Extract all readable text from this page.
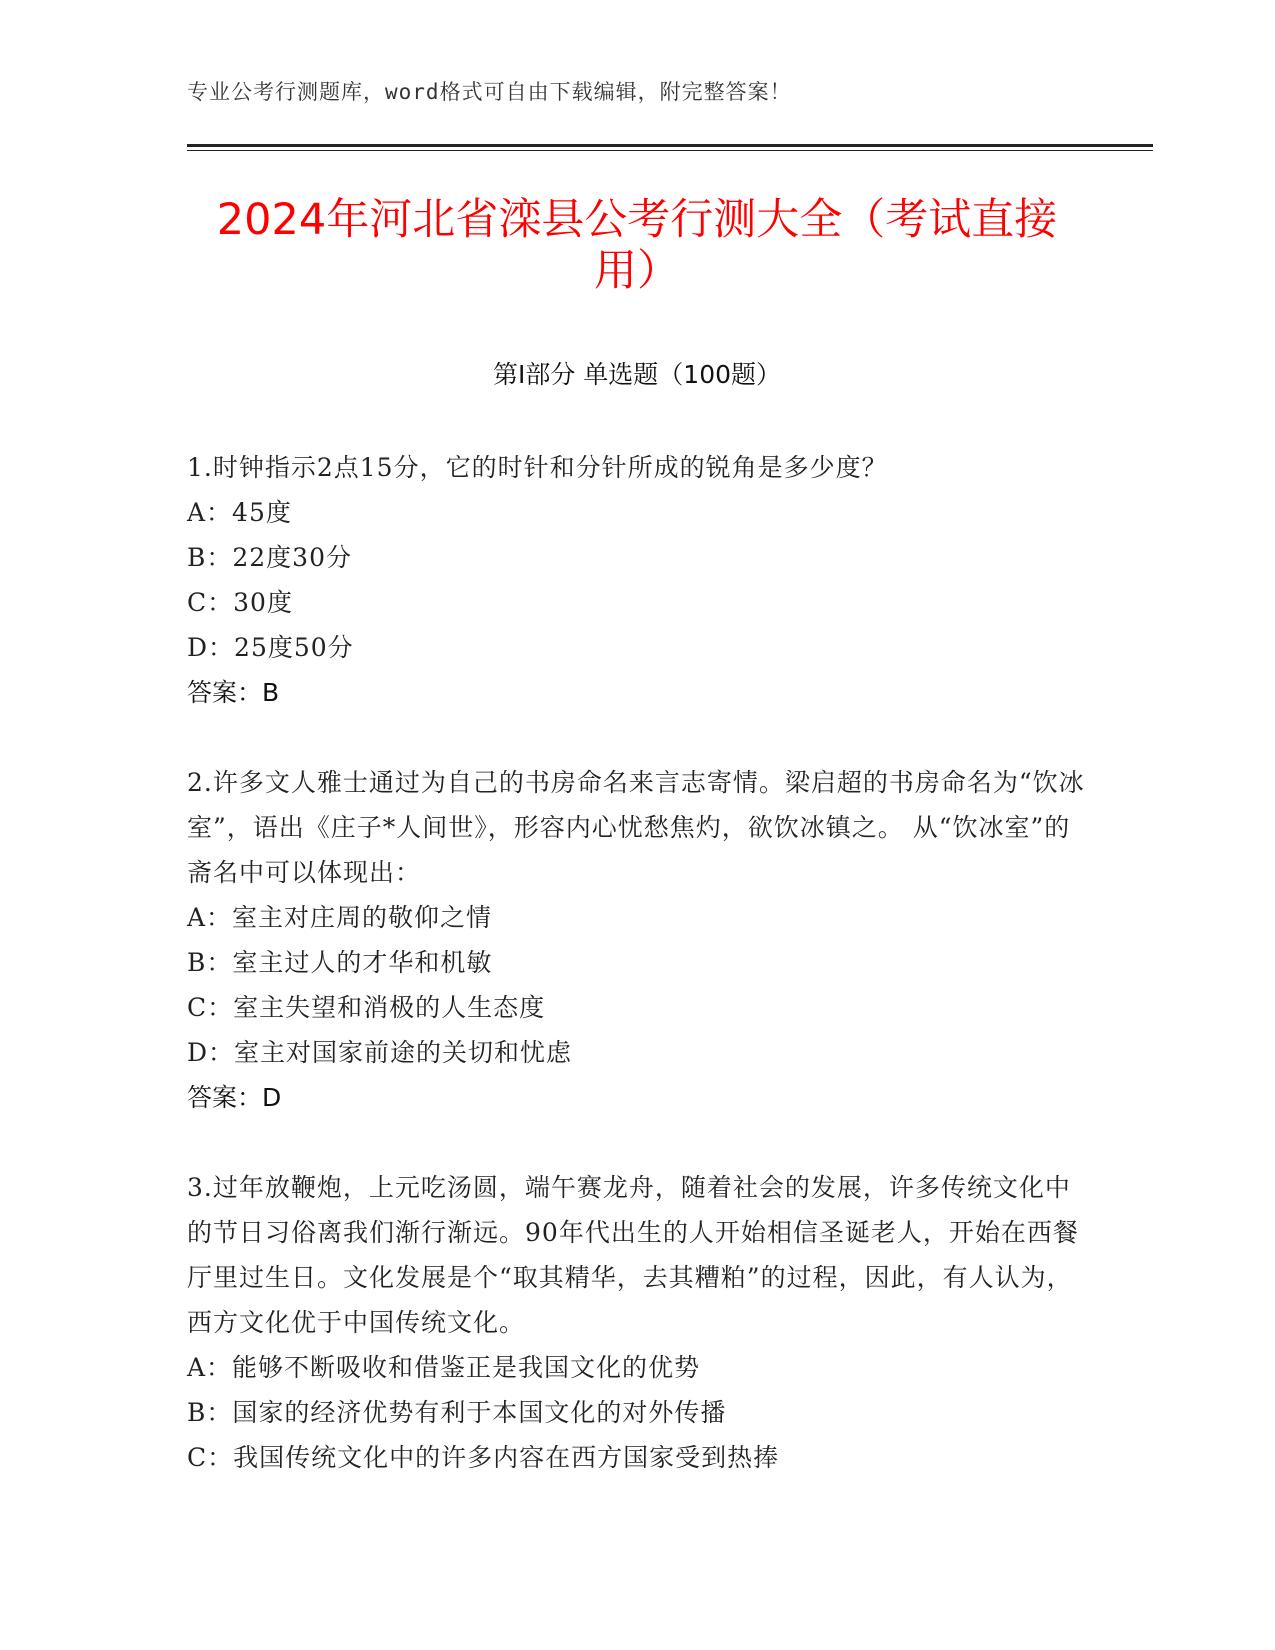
专业公考行测题库，word格式可自由下载编辑，附完整答案！
2024年河北省滦县公考行测大全（考试直接用）
第Ⅰ部分 单选题（100题）

1.时钟指示2点15分，它的时针和分针所成的锐角是多少度？

A：45度

B：22度30分

C：30度

D：25度50分

答案：B

2.许多文人雅士通过为自己的书房命名来言志寄情。梁启超的书房命名为“饮冰室”，语出《庄子*人间世》，形容内心忧愁焦灼，欲饮冰镇之。 从“饮冰室”的斋名中可以体现出：

A：室主对庄周的敬仰之情

B：室主过人的才华和机敏

C：室主失望和消极的人生态度

D：室主对国家前途的关切和忧虑

答案：D

3.过年放鞭炮，上元吃汤圆，端午赛龙舟，随着社会的发展，许多传统文化中的节日习俗离我们渐行渐远。90年代出生的人开始相信圣诞老人，开始在西餐厅里过生日。文化发展是个“取其精华，去其糟粕”的过程，因此，有人认为，西方文化优于中国传统文化。

A：能够不断吸收和借鉴正是我国文化的优势

B：国家的经济优势有利于本国文化的对外传播

C：我国传统文化中的许多内容在西方国家受到热捧
